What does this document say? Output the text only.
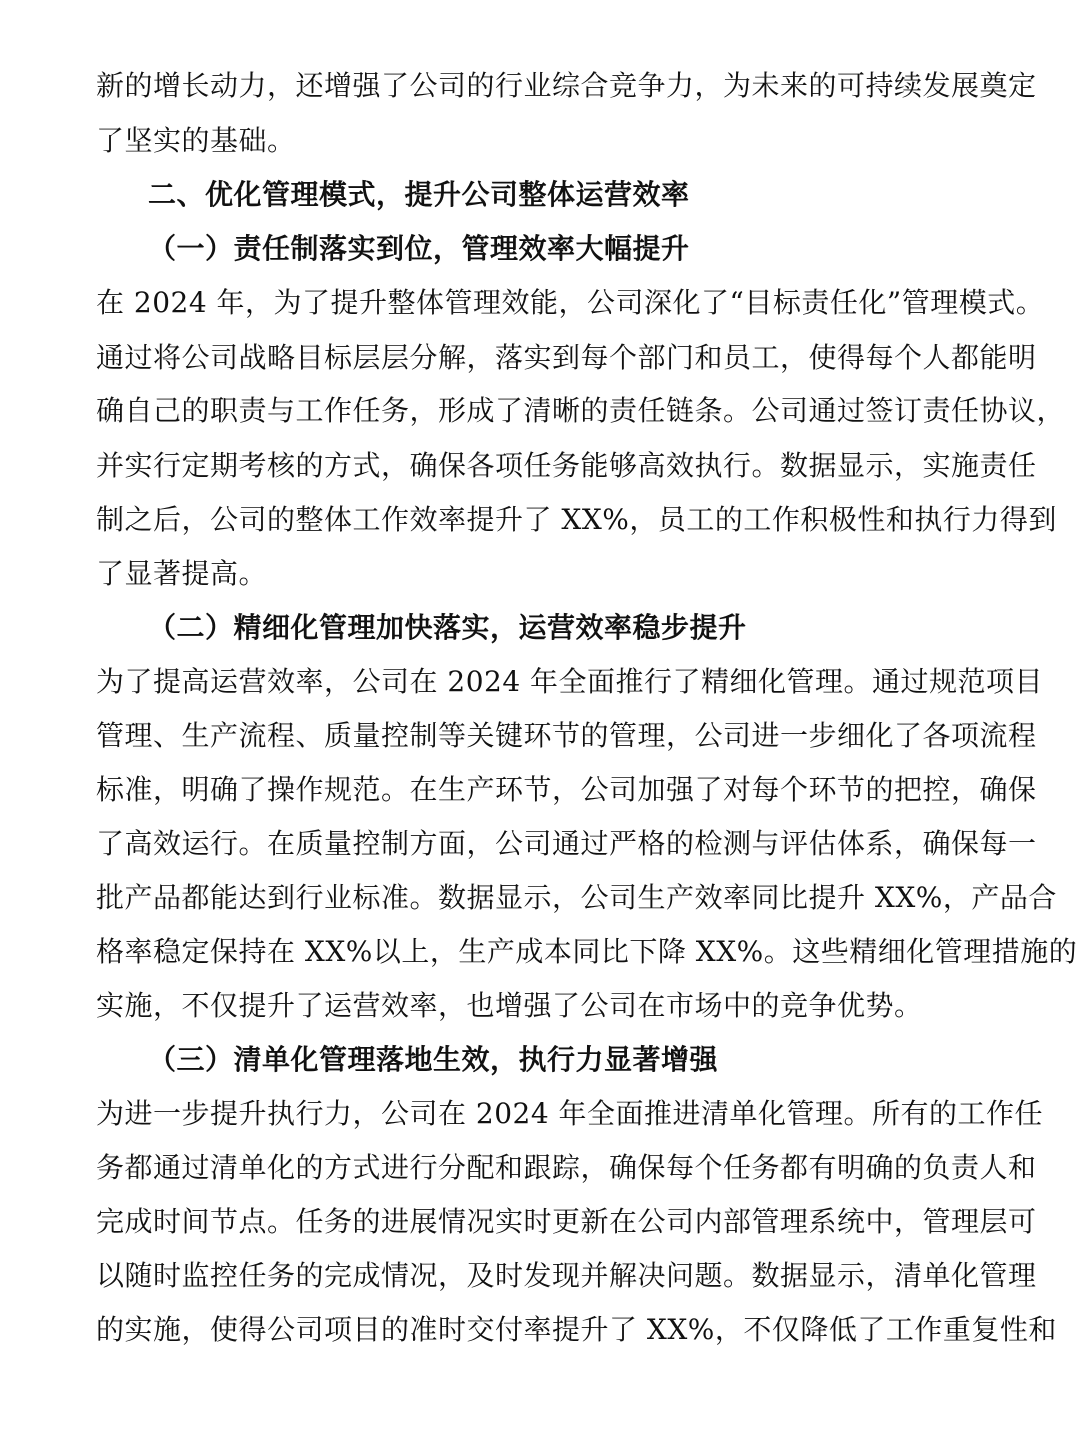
新的增长动力，还增强了公司的行业综合竞争力，为未来的可持续发展奠定
了坚实的基础。
二、优化管理模式，提升公司整体运营效率
（一）责任制落实到位，管理效率大幅提升
在 2024 年，为了提升整体管理效能，公司深化了“目标责任化”管理模式。
通过将公司战略目标层层分解，落实到每个部门和员工，使得每个人都能明
确自己的职责与工作任务，形成了清晰的责任链条。公司通过签订责任协议，
并实行定期考核的方式，确保各项任务能够高效执行。数据显示，实施责任
制之后，公司的整体工作效率提升了 XX%，员工的工作积极性和执行力得到
了显著提高。
（二）精细化管理加快落实，运营效率稳步提升
为了提高运营效率，公司在 2024 年全面推行了精细化管理。通过规范项目
管理、生产流程、质量控制等关键环节的管理，公司进一步细化了各项流程
标准，明确了操作规范。在生产环节，公司加强了对每个环节的把控，确保
了高效运行。在质量控制方面，公司通过严格的检测与评估体系，确保每一
批产品都能达到行业标准。数据显示，公司生产效率同比提升 XX%，产品合
格率稳定保持在 XX%以上，生产成本同比下降 XX%。这些精细化管理措施的
实施，不仅提升了运营效率，也增强了公司在市场中的竞争优势。
（三）清单化管理落地生效，执行力显著增强
为进一步提升执行力，公司在 2024 年全面推进清单化管理。所有的工作任
务都通过清单化的方式进行分配和跟踪，确保每个任务都有明确的负责人和
完成时间节点。任务的进展情况实时更新在公司内部管理系统中，管理层可
以随时监控任务的完成情况，及时发现并解决问题。数据显示，清单化管理
的实施，使得公司项目的准时交付率提升了 XX%，不仅降低了工作重复性和
